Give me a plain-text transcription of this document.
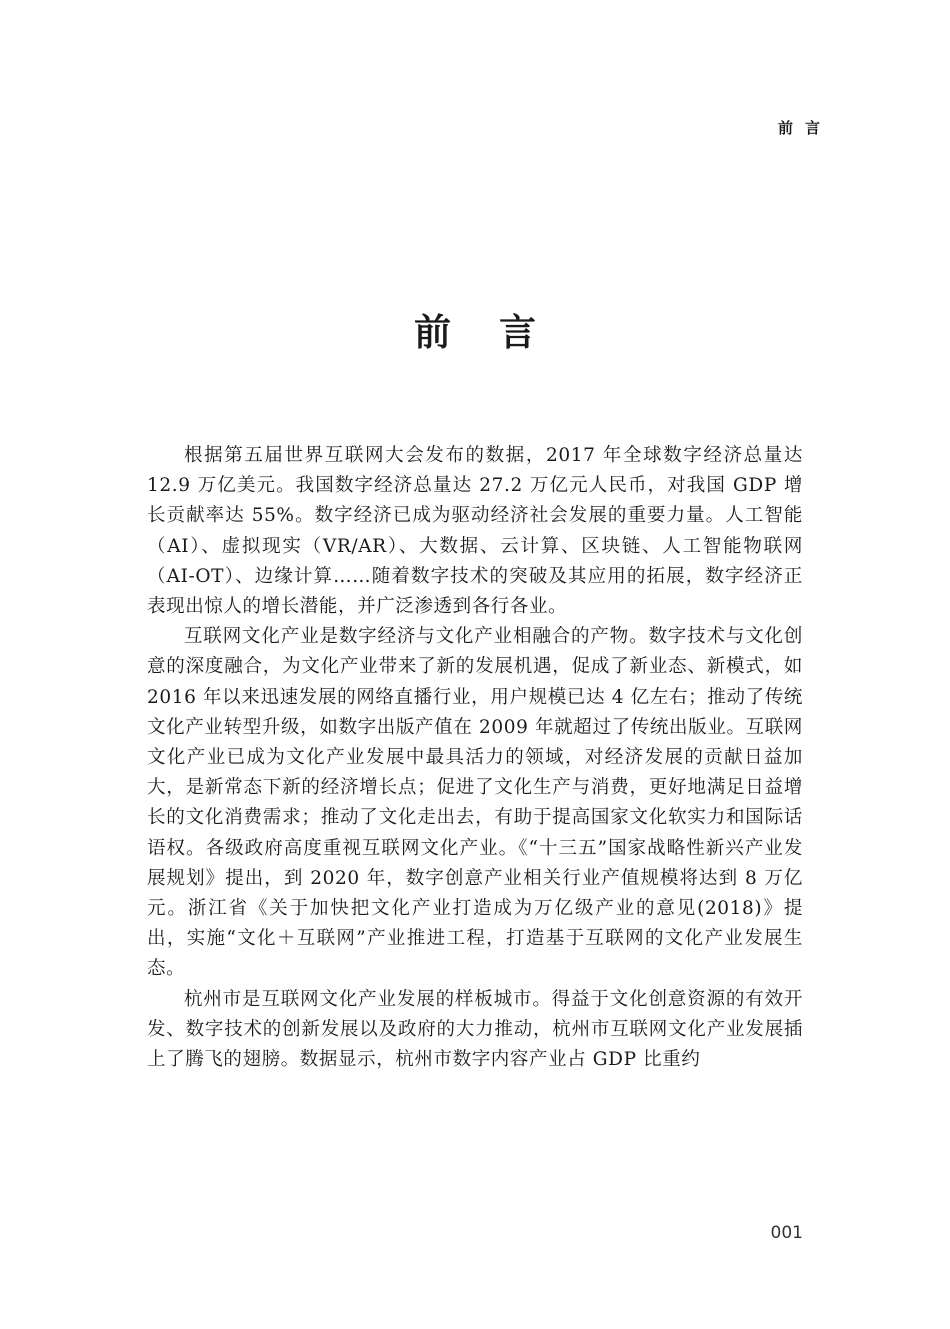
前言
前言

根据第五届世界互联网大会发布的数据，2017 年全球数字经济总量达 12.9 万亿美元。我国数字经济总量达 27.2 万亿元人民币，对我国 GDP 增长贡献率达 55%。数字经济已成为驱动经济社会发展的重要力量。人工智能（AI）、虚拟现实（VR/AR）、大数据、云计算、区块链、人工智能物联网（AI-OT）、边缘计算……随着数字技术的突破及其应用的拓展，数字经济正表现出惊人的增长潜能，并广泛渗透到各行各业。

互联网文化产业是数字经济与文化产业相融合的产物。数字技术与文化创意的深度融合，为文化产业带来了新的发展机遇，促成了新业态、新模式，如 2016 年以来迅速发展的网络直播行业，用户规模已达 4 亿左右；推动了传统文化产业转型升级，如数字出版产值在 2009 年就超过了传统出版业。互联网文化产业已成为文化产业发展中最具活力的领域，对经济发展的贡献日益加大，是新常态下新的经济增长点；促进了文化生产与消费，更好地满足日益增长的文化消费需求；推动了文化走出去，有助于提高国家文化软实力和国际话语权。各级政府高度重视互联网文化产业。《“十三五”国家战略性新兴产业发展规划》提出，到 2020 年，数字创意产业相关行业产值规模将达到 8 万亿元。浙江省《关于加快把文化产业打造成为万亿级产业的意见(2018)》提出，实施“文化＋互联网”产业推进工程，打造基于互联网的文化产业发展生态。

杭州市是互联网文化产业发展的样板城市。得益于文化创意资源的有效开发、数字技术的创新发展以及政府的大力推动，杭州市互联网文化产业发展插上了腾飞的翅膀。数据显示，杭州市数字内容产业占 GDP 比重约

001
